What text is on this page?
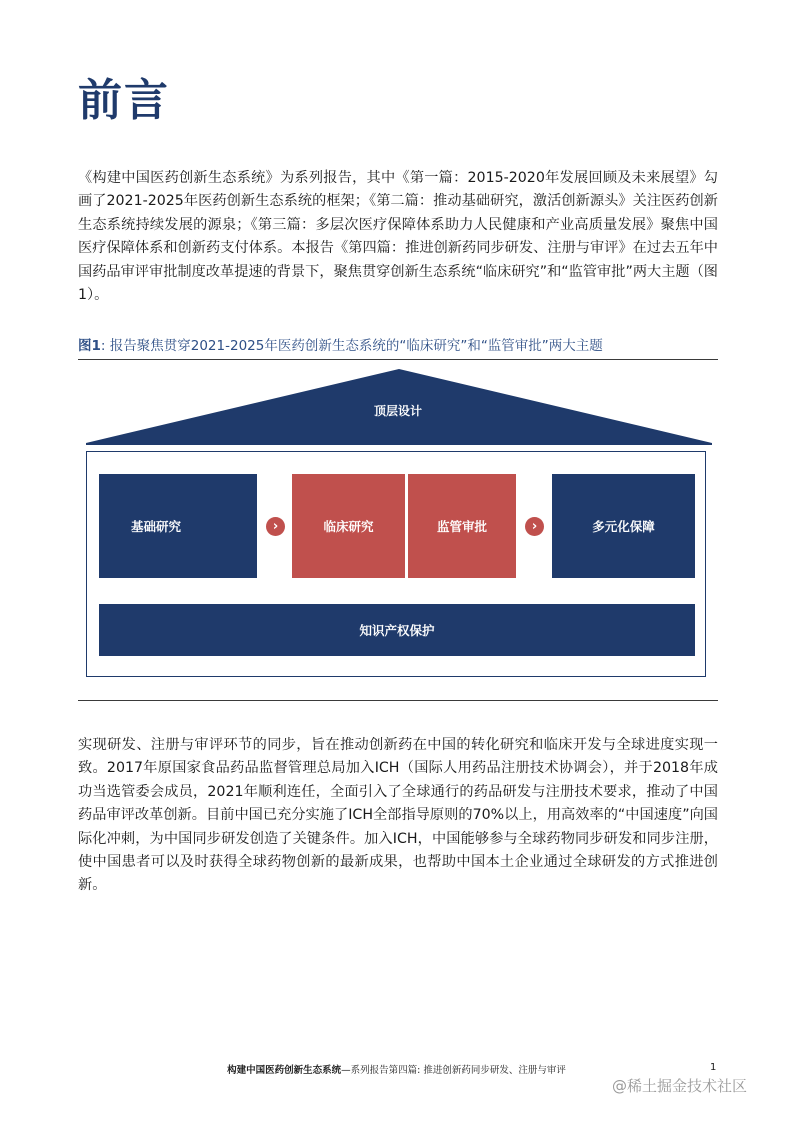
前言
《构建中国医药创新生态系统》为系列报告，其中《第一篇：2015-2020年发展回顾及未来展望》勾画了2021-2025年医药创新生态系统的框架；《第二篇：推动基础研究，激活创新源头》关注医药创新生态系统持续发展的源泉；《第三篇：多层次医疗保障体系助力人民健康和产业高质量发展》聚焦中国医疗保障体系和创新药支付体系。本报告《第四篇：推进创新药同步研发、注册与审评》在过去五年中国药品审评审批制度改革提速的背景下，聚焦贯穿创新生态系统“临床研究”和“监管审批”两大主题（图1）。
图1: 报告聚焦贯穿2021-2025年医药创新生态系统的“临床研究”和“监管审批”两大主题
顶层设计
基础研究	›	临床研究	监管审批	›	多元化保障
知识产权保护
实现研发、注册与审评环节的同步，旨在推动创新药在中国的转化研究和临床开发与全球进度实现一致。2017年原国家食品药品监督管理总局加入ICH（国际人用药品注册技术协调会），并于2018年成功当选管委会成员，2021年顺利连任，全面引入了全球通行的药品研发与注册技术要求，推动了中国药品审评改革创新。目前中国已充分实施了ICH全部指导原则的70%以上，用高效率的“中国速度”向国际化冲刺，为中国同步研发创造了关键条件。加入ICH，中国能够参与全球药物同步研发和同步注册，使中国患者可以及时获得全球药物创新的最新成果，也帮助中国本土企业通过全球研发的方式推进创新。
构建中国医药创新生态系统—系列报告第四篇: 推进创新药同步研发、注册与审评	1
@稀土掘金技术社区
